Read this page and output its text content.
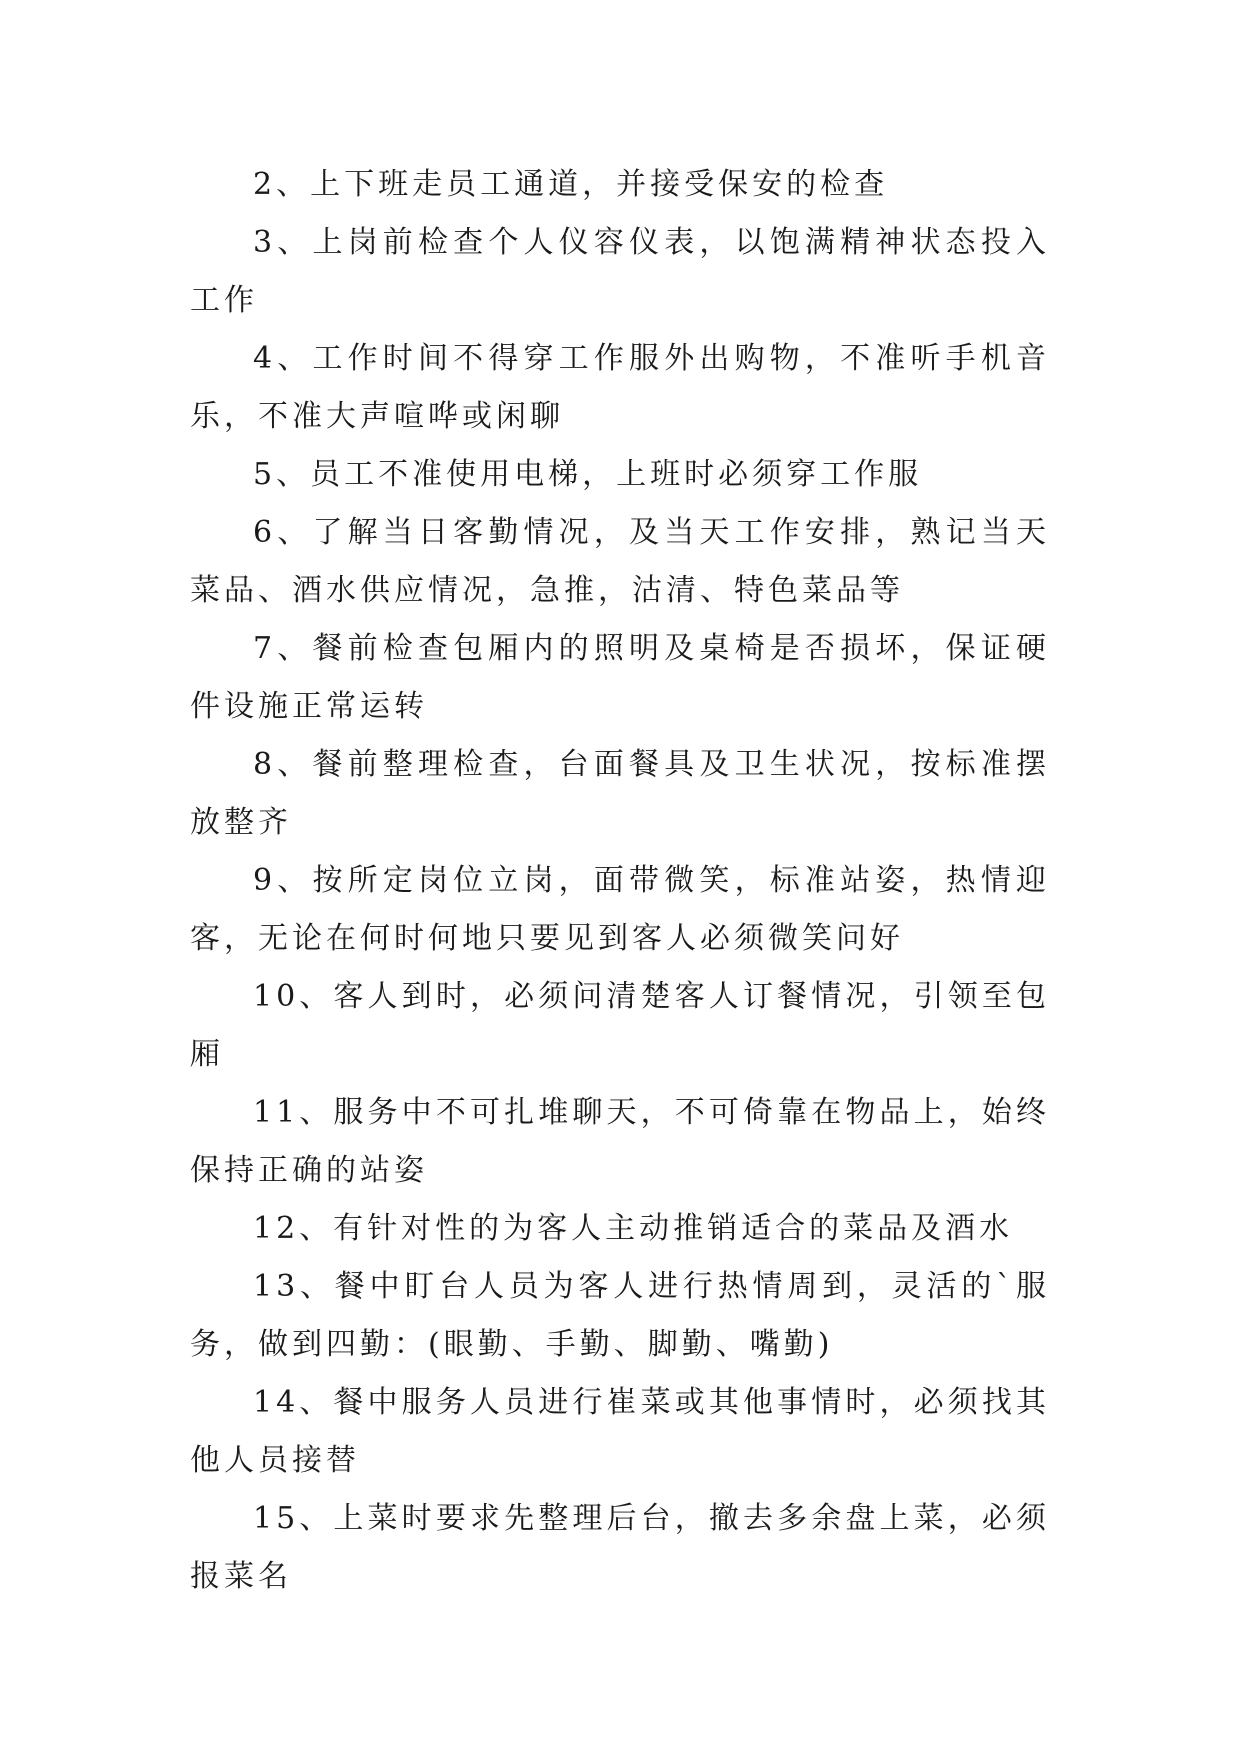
2、上下班走员工通道，并接受保安的检查

3、上岗前检查个人仪容仪表，以饱满精神状态投入工作

4、工作时间不得穿工作服外出购物，不准听手机音乐，不准大声喧哗或闲聊

5、员工不准使用电梯，上班时必须穿工作服

6、了解当日客勤情况，及当天工作安排，熟记当天菜品、酒水供应情况，急推，沽清、特色菜品等

7、餐前检查包厢内的照明及桌椅是否损坏，保证硬件设施正常运转

8、餐前整理检查，台面餐具及卫生状况，按标准摆放整齐

9、按所定岗位立岗，面带微笑，标准站姿，热情迎客，无论在何时何地只要见到客人必须微笑问好

10、客人到时，必须问清楚客人订餐情况，引领至包厢

11、服务中不可扎堆聊天，不可倚靠在物品上，始终保持正确的站姿

12、有针对性的为客人主动推销适合的菜品及酒水

13、餐中盯台人员为客人进行热情周到，灵活的`服务，做到四勤：(眼勤、手勤、脚勤、嘴勤)

14、餐中服务人员进行崔菜或其他事情时，必须找其他人员接替

15、上菜时要求先整理后台，撤去多余盘上菜，必须报菜名
